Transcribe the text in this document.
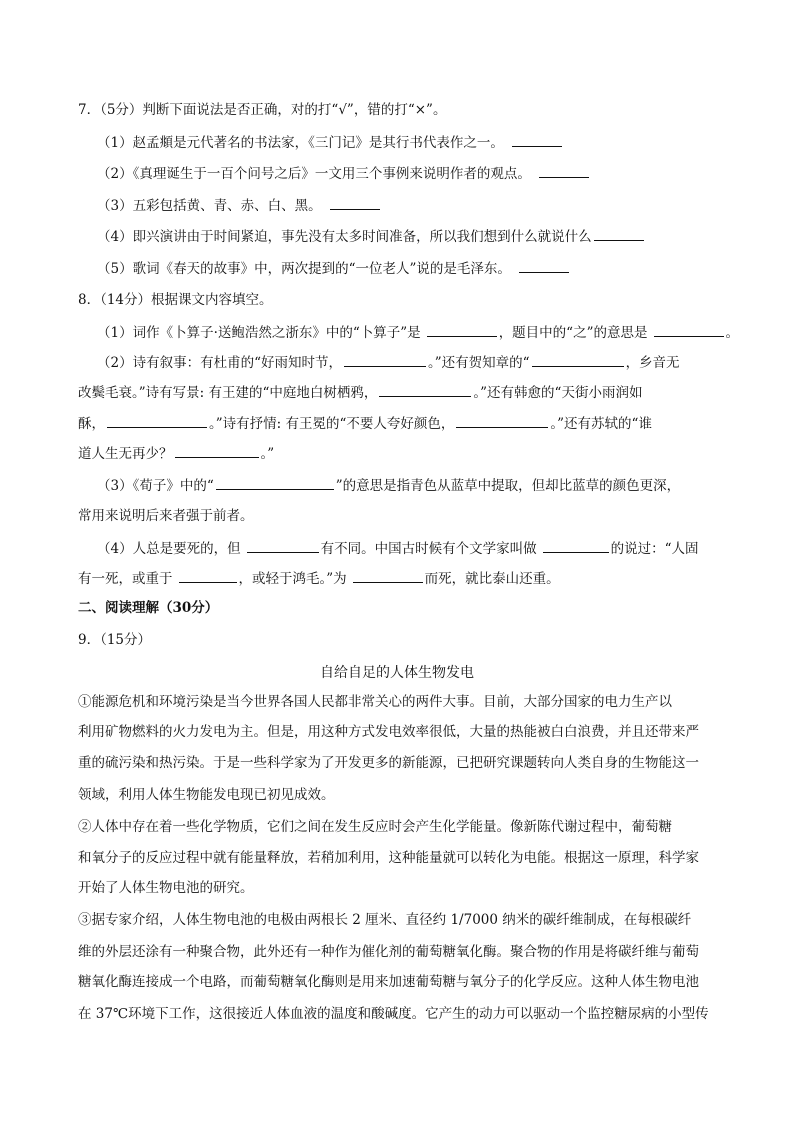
7．（5分）判断下面说法是否正确，对的打“√”，错的打“×”。
（1）赵孟頫是元代著名的书法家，《三门记》是其行书代表作之一。
（2）《真理诞生于一百个问号之后》一文用三个事例来说明作者的观点。
（3）五彩包括黄、青、赤、白、黑。
（4）即兴演讲由于时间紧迫，事先没有太多时间准备，所以我们想到什么就说什么
（5）歌词《春天的故事》中，两次提到的“一位老人”说的是毛泽东。
8．（14分）根据课文内容填空。
（1）词作《卜算子·送鲍浩然之浙东》中的“卜算子”是	，题目中的“之”的意思是	。
（2）诗有叙事：有杜甫的“好雨知时节，	。”还有贺知章的“	，乡音无
改鬓毛衰。”诗有写景: 有王建的“中庭地白树栖鸦，	。”还有韩愈的“天街小雨润如
酥，	。”诗有抒情: 有王冕的“不要人夸好颜色，	。”还有苏轼的“谁
道人生无再少？	。”
（3）《荀子》中的“	”的意思是指青色从蓝草中提取，但却比蓝草的颜色更深，
常用来说明后来者强于前者。
（4）人总是要死的，但	有不同。中国古时候有个文学家叫做	的说过：“人固
有一死，或重于	，或轻于鸿毛。”为	而死，就比泰山还重。
二、阅读理解（30分）
9．（15分）
自给自足的人体生物发电
①能源危机和环境污染是当今世界各国人民都非常关心的两件大事。目前，大部分国家的电力生产以
利用矿物燃料的火力发电为主。但是，用这种方式发电效率很低，大量的热能被白白浪费，并且还带来严
重的硫污染和热污染。于是一些科学家为了开发更多的新能源，已把研究课题转向人类自身的生物能这一
领域，利用人体生物能发电现已初见成效。
②人体中存在着一些化学物质，它们之间在发生反应时会产生化学能量。像新陈代谢过程中，葡萄糖
和氧分子的反应过程中就有能量释放，若稍加利用，这种能量就可以转化为电能。根据这一原理，科学家
开始了人体生物电池的研究。
③据专家介绍，人体生物电池的电极由两根长 2 厘米、直径约 1/7000 纳米的碳纤维制成，在每根碳纤
维的外层还涂有一种聚合物，此外还有一种作为催化剂的葡萄糖氧化酶。聚合物的作用是将碳纤维与葡萄
糖氧化酶连接成一个电路，而葡萄糖氧化酶则是用来加速葡萄糖与氧分子的化学反应。这种人体生物电池
在 37℃环境下工作，这很接近人体血液的温度和酸碱度。它产生的动力可以驱动一个监控糖尿病的小型传
